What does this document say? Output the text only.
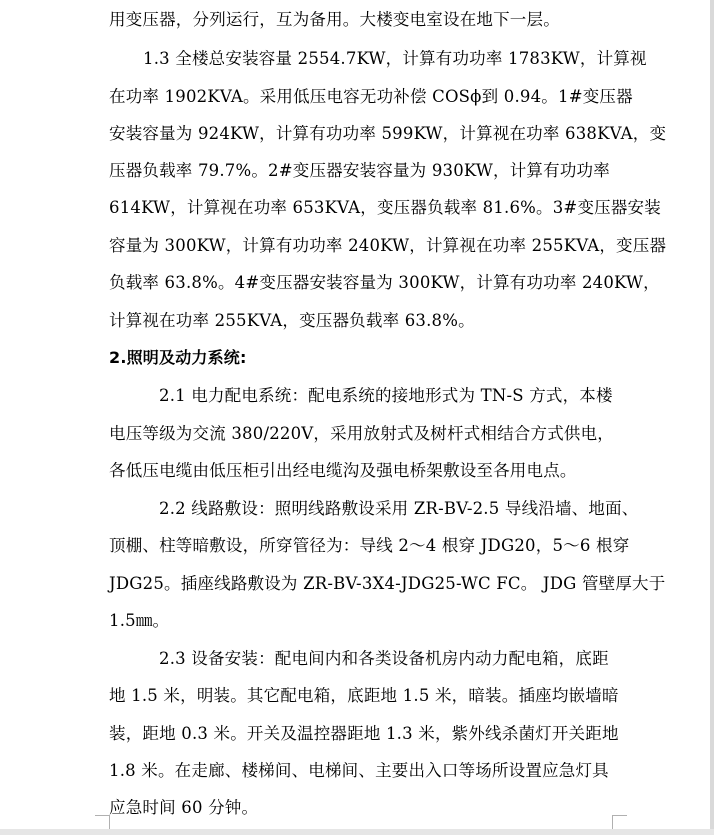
用变压器，分列运行，互为备用。大楼变电室设在地下一层。
1.3 全楼总安装容量 2554.7KW，计算有功功率 1783KW，计算视
在功率 1902KVA。采用低压电容无功补偿 COSϕ到 0.94。1#变压器
安装容量为 924KW，计算有功功率 599KW，计算视在功率 638KVA，变
压器负载率 79.7%。2#变压器安装容量为 930KW，计算有功功率
614KW，计算视在功率 653KVA，变压器负载率 81.6%。3#变压器安装
容量为 300KW，计算有功功率 240KW，计算视在功率 255KVA，变压器
负载率 63.8%。4#变压器安装容量为 300KW，计算有功功率 240KW，
计算视在功率 255KVA，变压器负载率 63.8%。
2.照明及动力系统:
2.1 电力配电系统：配电系统的接地形式为 TN-S 方式，本楼
电压等级为交流 380/220V，采用放射式及树杆式相结合方式供电，
各低压电缆由低压柜引出经电缆沟及强电桥架敷设至各用电点。
2.2 线路敷设：照明线路敷设采用 ZR-BV-2.5 导线沿墙、地面、
顶棚、柱等暗敷设，所穿管径为：导线 2～4 根穿 JDG20，5～6 根穿
JDG25。插座线路敷设为 ZR-BV-3X4-JDG25-WC FC。 JDG 管壁厚大于
1.5㎜。
2.3 设备安装：配电间内和各类设备机房内动力配电箱，底距
地 1.5 米，明装。其它配电箱，底距地 1.5 米，暗装。插座均嵌墙暗
装，距地 0.3 米。开关及温控器距地 1.3 米，紫外线杀菌灯开关距地
1.8 米。在走廊、楼梯间、电梯间、主要出入口等场所设置应急灯具
应急时间 60 分钟。
